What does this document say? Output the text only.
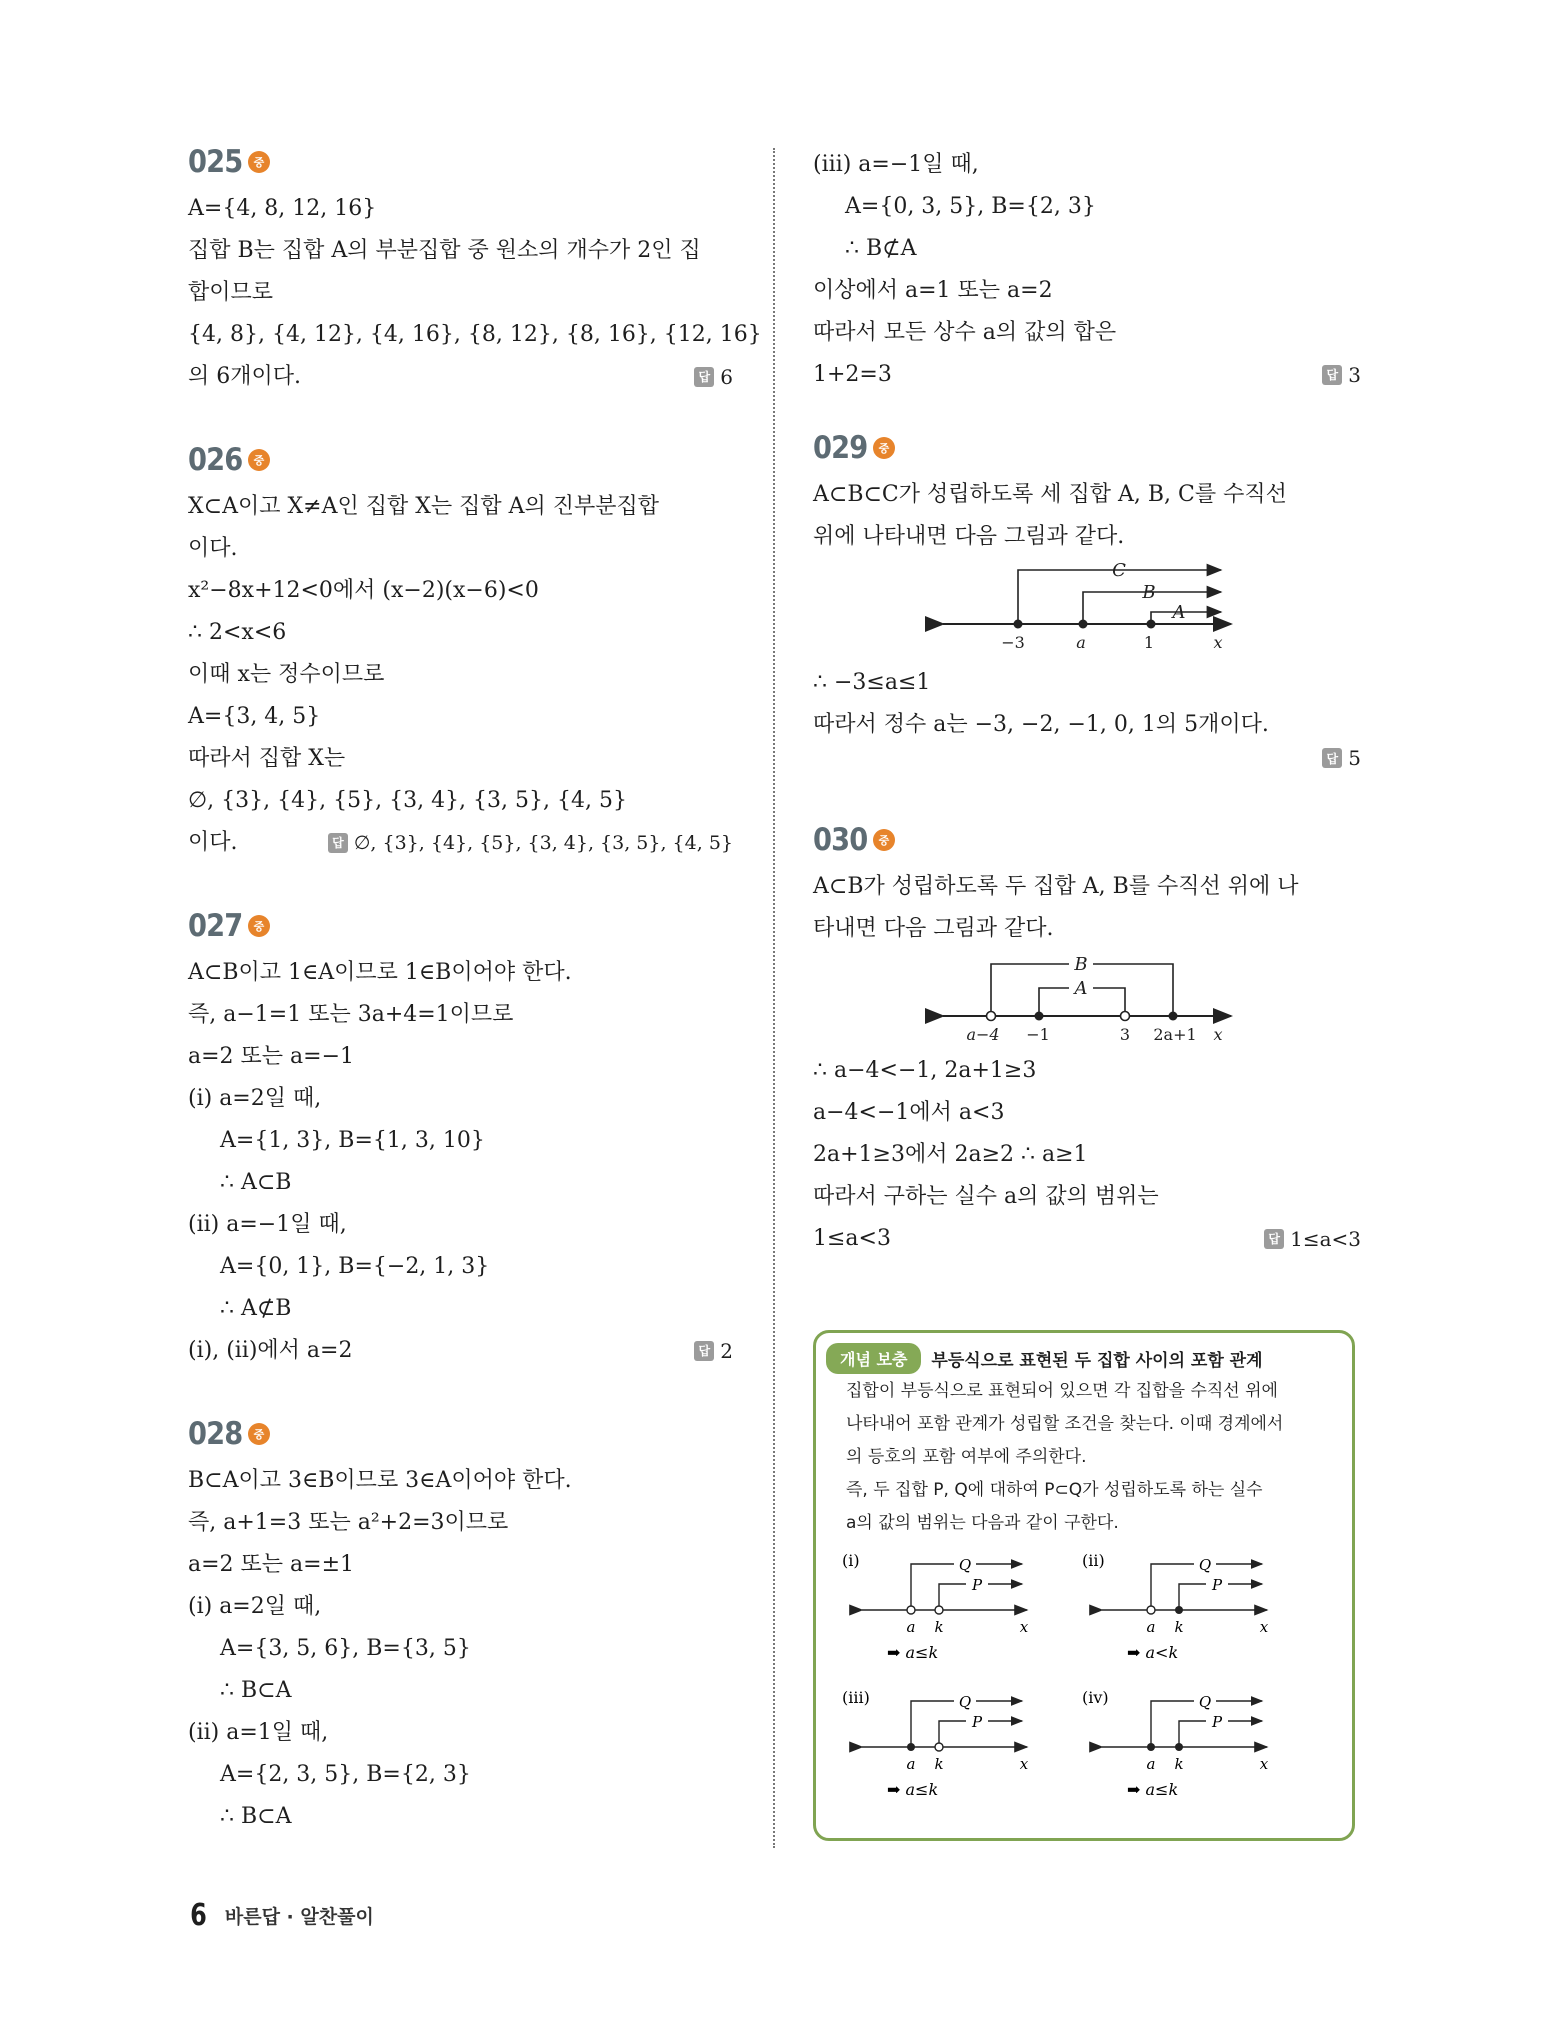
025	중
A={4, 8, 12, 16}
집합 B는 집합 A의 부분집합 중 원소의 개수가 2인 집
합이므로
{4, 8}, {4, 12}, {4, 16}, {8, 12}, {8, 16}, {12, 16}
의 6개이다.	답 6
026	중
X⊂A이고 X≠A인 집합 X는 집합 A의 진부분집합
이다.
x²−8x+12<0에서 (x−2)(x−6)<0
∴ 2<x<6
이때 x는 정수이므로
A={3, 4, 5}
따라서 집합 X는
∅, {3}, {4}, {5}, {3, 4}, {3, 5}, {4, 5}
이다.	답 ∅, {3}, {4}, {5}, {3, 4}, {3, 5}, {4, 5}
027	중
A⊂B이고 1∈A이므로 1∈B이어야 한다.
즉, a−1=1 또는 3a+4=1이므로
a=2 또는 a=−1
(ⅰ) a=2일 때,
A={1, 3}, B={1, 3, 10}
∴ A⊂B
(ⅱ) a=−1일 때,
A={0, 1}, B={−2, 1, 3}
∴ A⊄B
(ⅰ), (ⅱ)에서 a=2	답 2
028	중
B⊂A이고 3∈B이므로 3∈A이어야 한다.
즉, a+1=3 또는 a²+2=3이므로
a=2 또는 a=±1
(ⅰ) a=2일 때,
A={3, 5, 6}, B={3, 5}
∴ B⊂A
(ⅱ) a=1일 때,
A={2, 3, 5}, B={2, 3}
∴ B⊂A
(ⅲ) a=−1일 때,
A={0, 3, 5}, B={2, 3}
∴ B⊄A
이상에서 a=1 또는 a=2
따라서 모든 상수 a의 값의 합은
1+2=3	답 3
029	중
A⊂B⊂C가 성립하도록 세 집합 A, B, C를 수직선
위에 나타내면 다음 그림과 같다.
C
B
A
−3	a	1	x
∴ −3≤a≤1
따라서 정수 a는 −3, −2, −1, 0, 1의 5개이다.
답 5
030	중
A⊂B가 성립하도록 두 집합 A, B를 수직선 위에 나
타내면 다음 그림과 같다.
B
A
a−4 −1	3 2a+1 x
∴ a−4<−1, 2a+1≥3
a−4<−1에서 a<3
2a+1≥3에서 2a≥2 ∴ a≥1
따라서 구하는 실수 a의 값의 범위는
1≤a<3	답 1≤a<3
개념 보충	부등식으로 표현된 두 집합 사이의 포함 관계
집합이 부등식으로 표현되어 있으면 각 집합을 수직선 위에
나타내어 포함 관계가 성립할 조건을 찾는다. 이때 경계에서
의 등호의 포함 여부에 주의한다.
즉, 두 집합 P, Q에 대하여 P⊂Q가 성립하도록 하는 실수
a의 값의 범위는 다음과 같이 구한다.
(ⅰ)	Q
P
a k	x
➡ a≤k
(ⅱ)	Q
P
a k	x
➡ a<k
(ⅲ)	Q
P
a k	x
➡ a≤k
(ⅳ)	Q
P
a k	x
➡ a≤k
6 바른답 · 알찬풀이
